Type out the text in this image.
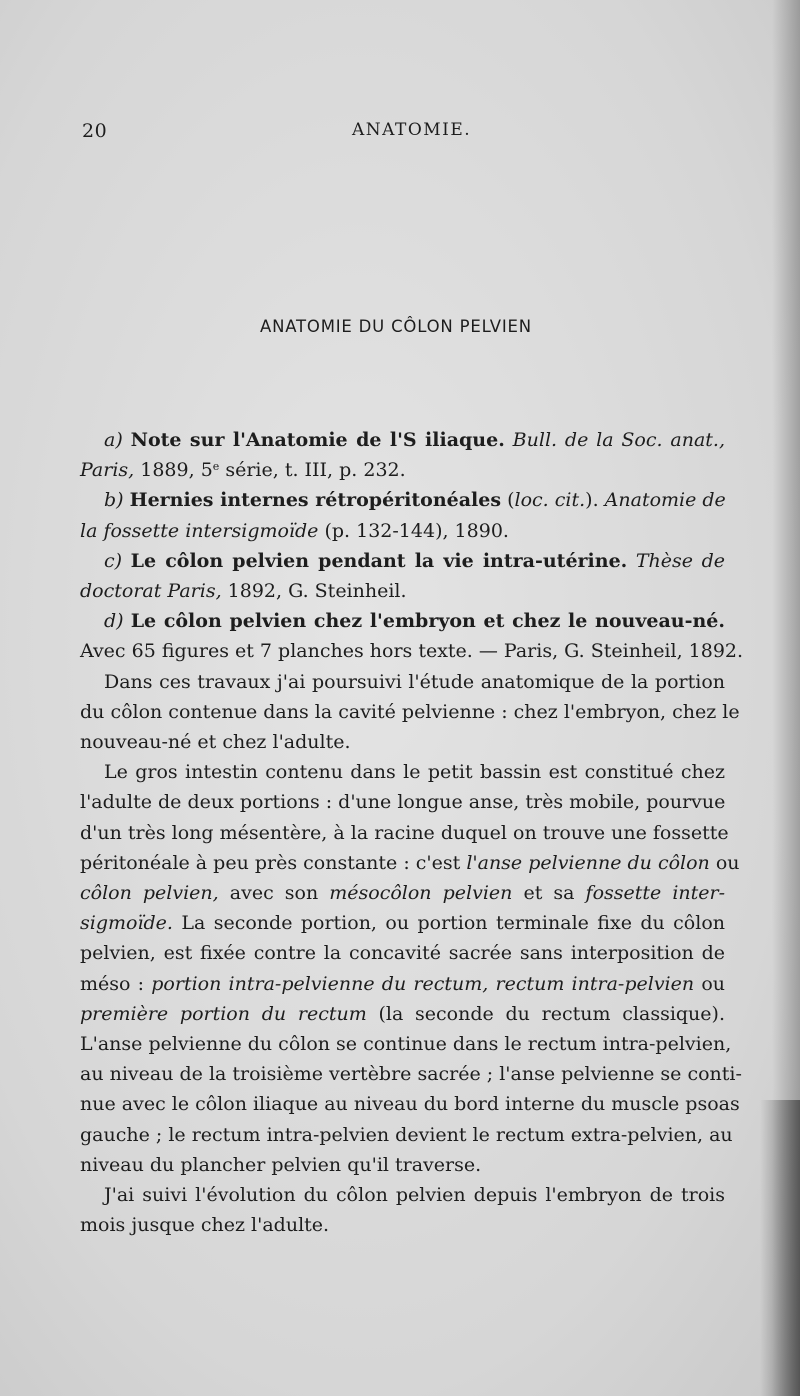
20	ANATOMIE.
ANATOMIE DU CÔLON PELVIEN
a) Note sur l'Anatomie de l'S iliaque. Bull. de la Soc. anat.,
Paris, 1889, 5e série, t. III, p. 232.
b) Hernies internes rétropéritonéales (loc. cit.). Anatomie de
la fossette intersigmoïde (p. 132-144), 1890.
c) Le côlon pelvien pendant la vie intra-utérine. Thèse de
doctorat Paris, 1892, G. Steinheil.
d) Le côlon pelvien chez l'embryon et chez le nouveau-né.
Avec 65 figures et 7 planches hors texte. — Paris, G. Steinheil, 1892.
Dans ces travaux j'ai poursuivi l'étude anatomique de la portion
du côlon contenue dans la cavité pelvienne : chez l'embryon, chez le
nouveau-né et chez l'adulte.
Le gros intestin contenu dans le petit bassin est constitué chez
l'adulte de deux portions : d'une longue anse, très mobile, pourvue
d'un très long mésentère, à la racine duquel on trouve une fossette
péritonéale à peu près constante : c'est l'anse pelvienne du côlon ou
côlon pelvien, avec son mésocôlon pelvien et sa fossette inter-
sigmoïde. La seconde portion, ou portion terminale fixe du côlon
pelvien, est fixée contre la concavité sacrée sans interposition de
méso : portion intra-pelvienne du rectum, rectum intra-pelvien ou
première portion du rectum (la seconde du rectum classique).
L'anse pelvienne du côlon se continue dans le rectum intra-pelvien,
au niveau de la troisième vertèbre sacrée ; l'anse pelvienne se conti-
nue avec le côlon iliaque au niveau du bord interne du muscle psoas
gauche ; le rectum intra-pelvien devient le rectum extra-pelvien, au
niveau du plancher pelvien qu'il traverse.
J'ai suivi l'évolution du côlon pelvien depuis l'embryon de trois
mois jusque chez l'adulte.
